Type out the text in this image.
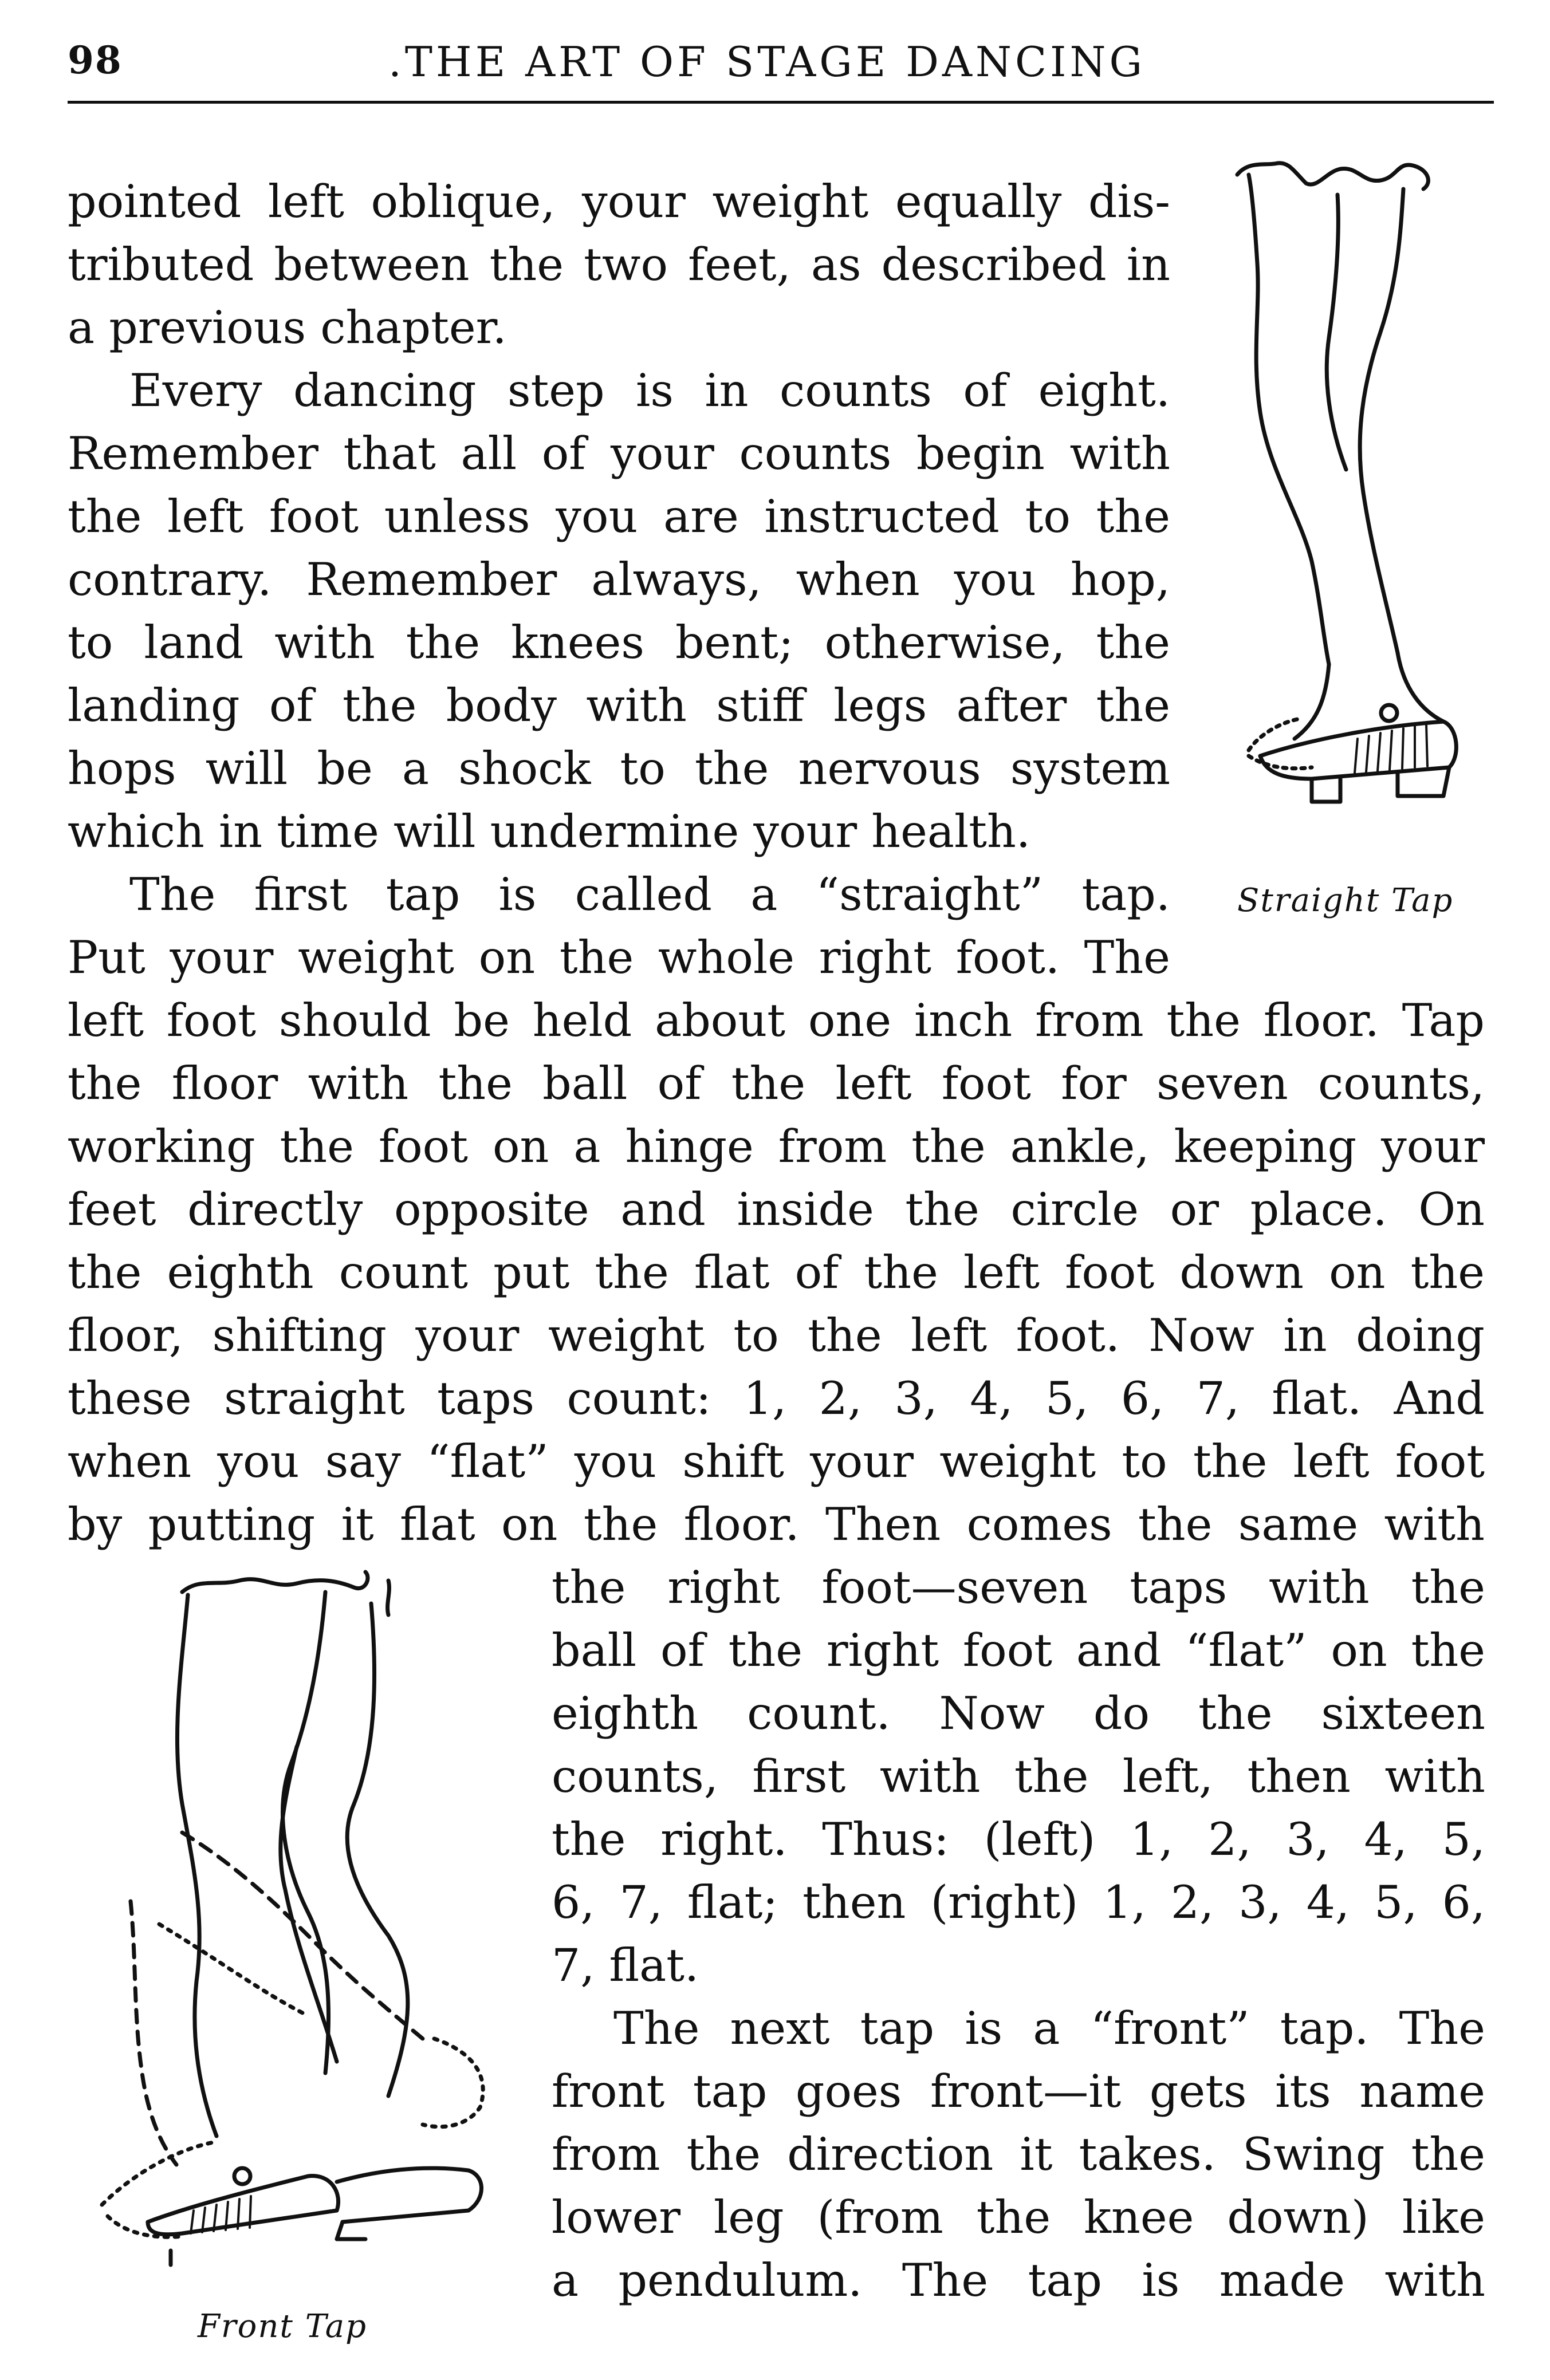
98	.THE ART OF STAGE DANCING
Straight Tap
Front Tap
pointed left oblique, your weight equally dis-
tributed between the two feet, as described in
a previous chapter.
Every dancing step is in counts of eight.
Remember that all of your counts begin with
the left foot unless you are instructed to the
contrary. Remember always, when you hop,
to land with the knees bent; otherwise, the
landing of the body with stiff legs after the
hops will be a shock to the nervous system
which in time will undermine your health.
The first tap is called a “straight” tap.
Put your weight on the whole right foot. The
left foot should be held about one inch from the floor. Tap
the floor with the ball of the left foot for seven counts,
working the foot on a hinge from the ankle, keeping your
feet directly opposite and inside the circle or place. On
the eighth count put the flat of the left foot down on the
floor, shifting your weight to the left foot. Now in doing
these straight taps count: 1, 2, 3, 4, 5, 6, 7, flat. And
when you say “flat” you shift your weight to the left foot
by putting it flat on the floor. Then comes the same with
the right foot—seven taps with the
ball of the right foot and “flat” on the
eighth count. Now do the sixteen
counts, first with the left, then with
the right. Thus: (left) 1, 2, 3, 4, 5,
6, 7, flat; then (right) 1, 2, 3, 4, 5, 6,
7, flat.
The next tap is a “front” tap. The
front tap goes front—it gets its name
from the direction it takes. Swing the
lower leg (from the knee down) like
a pendulum. The tap is made with
